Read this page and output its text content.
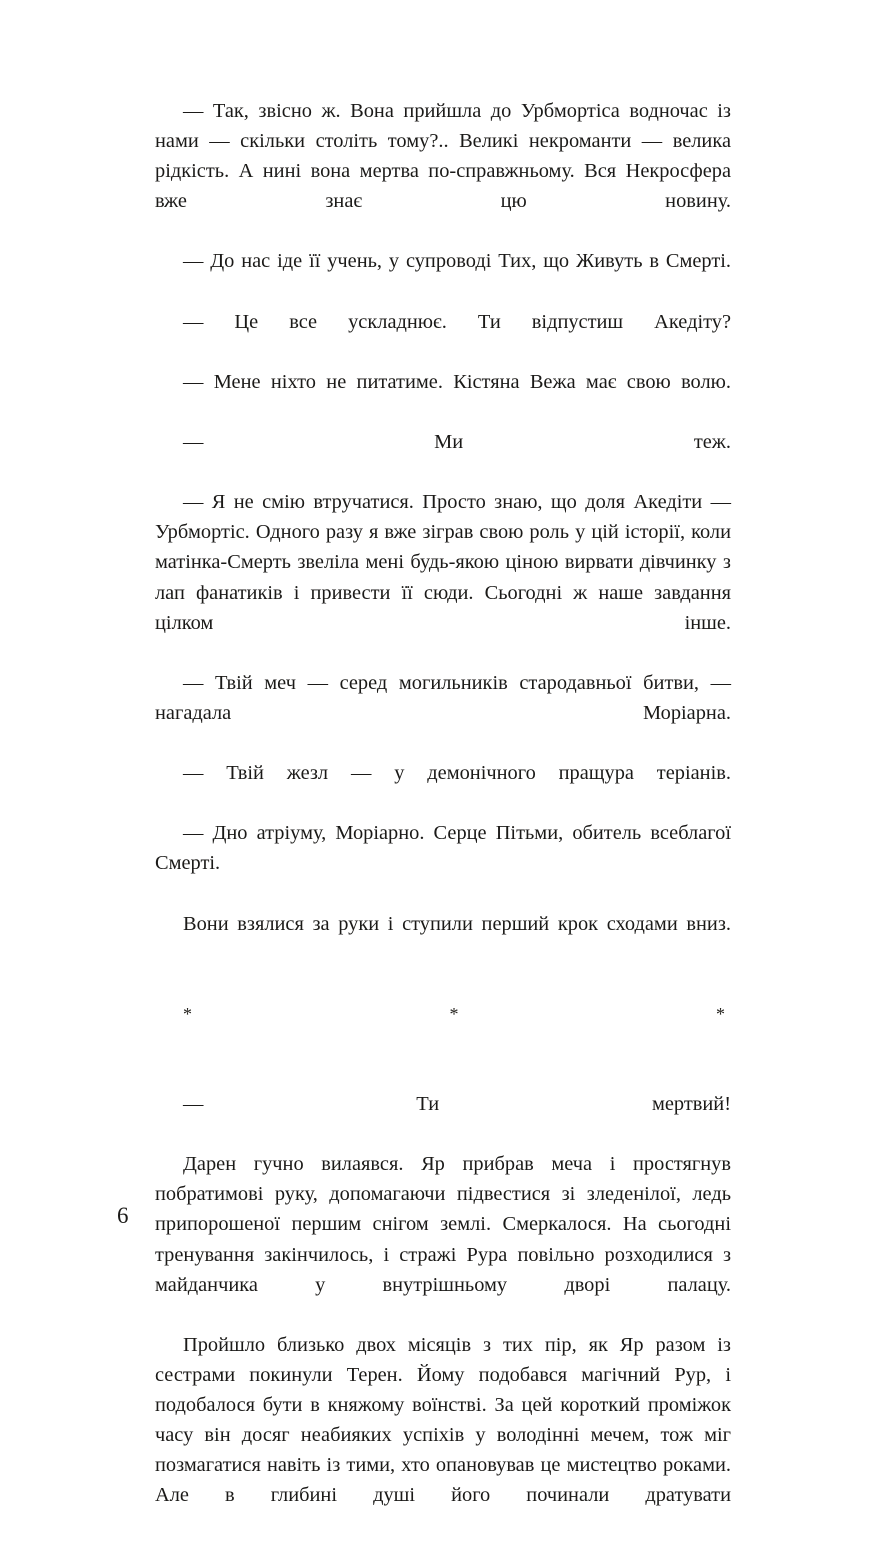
— Так, звісно ж. Вона прийшла до Урбмортіса водночас із нами — скільки століть тому?.. Великі некроманти — велика рідкість. А нині вона мертва по-справжньому. Вся Некросфера вже знає цю новину.

— До нас іде її учень, у супроводі Тих, що Живуть в Смерті.

— Це все ускладнює. Ти відпустиш Акедіту?

— Мене ніхто не питатиме. Кістяна Вежа має свою волю.

— Ми теж.

— Я не смію втручатися. Просто знаю, що доля Акедіти — Урбмортіс. Одного разу я вже зіграв свою роль у цій історії, коли матінка-Смерть звеліла мені будь-якою ціною вирвати дівчинку з лап фанатиків і привести її сюди. Сьогодні ж наше завдання цілком інше.

— Твій меч — серед могильників стародавньої битви, — нагадала Моріарна.

— Твій жезл — у демонічного пращура теріанів.

— Дно атріуму, Моріарно. Серце Пітьми, обитель всеблагої Смерті.

Вони взялися за руки і ступили перший крок сходами вниз.

* * *

— Ти мертвий!

Дарен гучно вилаявся. Яр прибрав меча і простягнув побратимові руку, допомагаючи підвестися зі зледенілої, ледь припорошеної першим снігом землі. Смеркалося. На сьогодні тренування закінчилось, і стражі Рура повільно розходилися з майданчика у внутрішньому дворі палацу.

Пройшло близько двох місяців з тих пір, як Яр разом із сестрами покинули Терен. Йому подобався магічний Рур, і подобалося бути в княжому воїнстві. За цей короткий проміжок часу він досяг неабияких успіхів у володінні мечем, тож міг позмагатися навіть із тими, хто опановував це мистецтво роками. Але в глибині душі його починали дратувати

6
